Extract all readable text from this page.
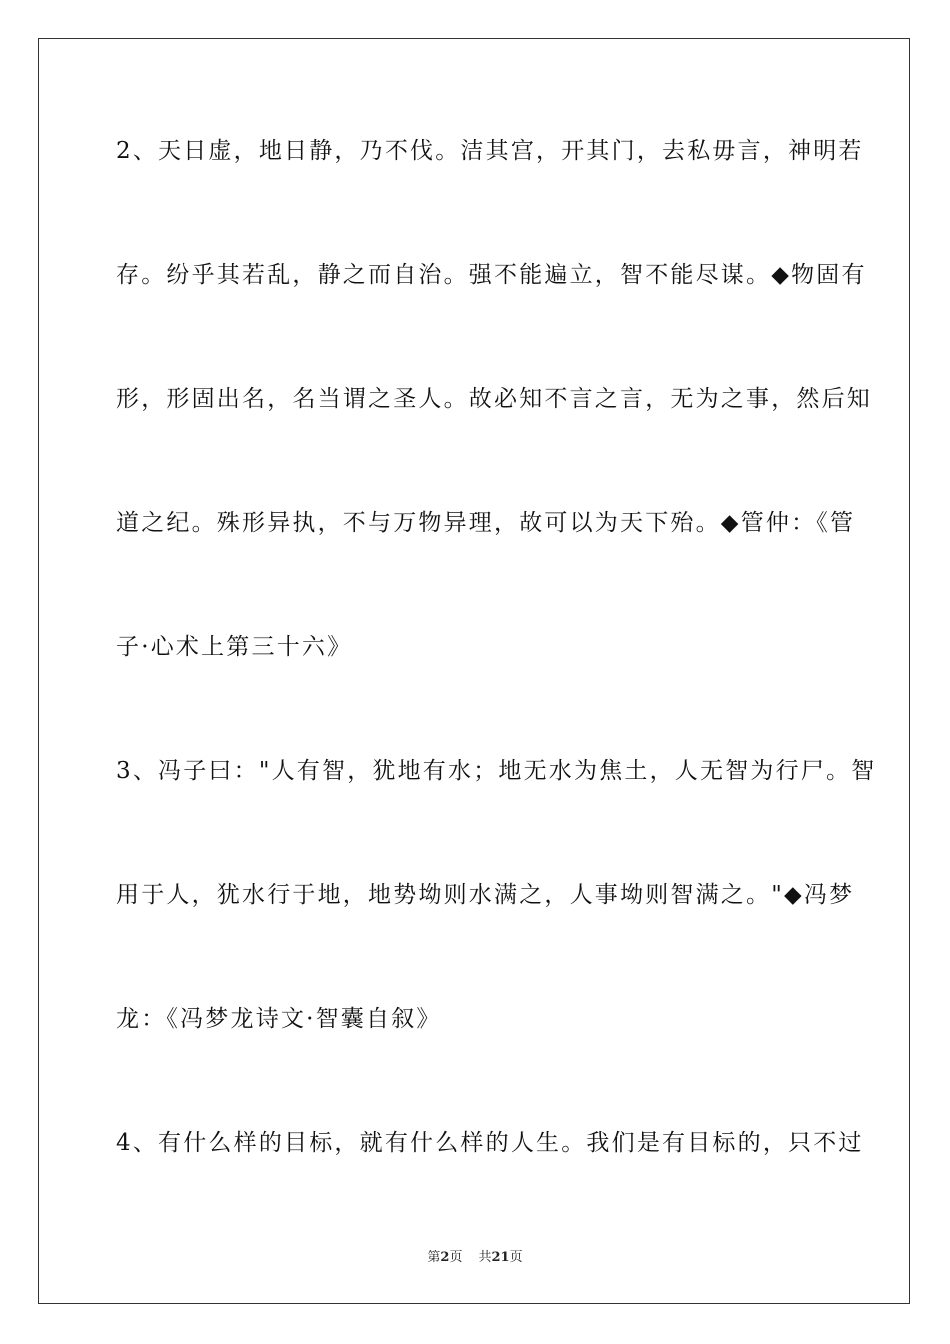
2、天日虚，地日静，乃不伐。洁其宫，开其门，去私毋言，神明若
存。纷乎其若乱，静之而自治。强不能遍立，智不能尽谋。◆物固有
形，形固出名，名当谓之圣人。故必知不言之言，无为之事，然后知
道之纪。殊形异执，不与万物异理，故可以为天下殆。◆管仲：《管
子·心术上第三十六》
3、冯子曰："人有智，犹地有水；地无水为焦土，人无智为行尸。智
用于人，犹水行于地，地势坳则水满之，人事坳则智满之。"◆冯梦
龙：《冯梦龙诗文·智囊自叙》
4、有什么样的目标，就有什么样的人生。我们是有目标的，只不过
第2页 共21页
